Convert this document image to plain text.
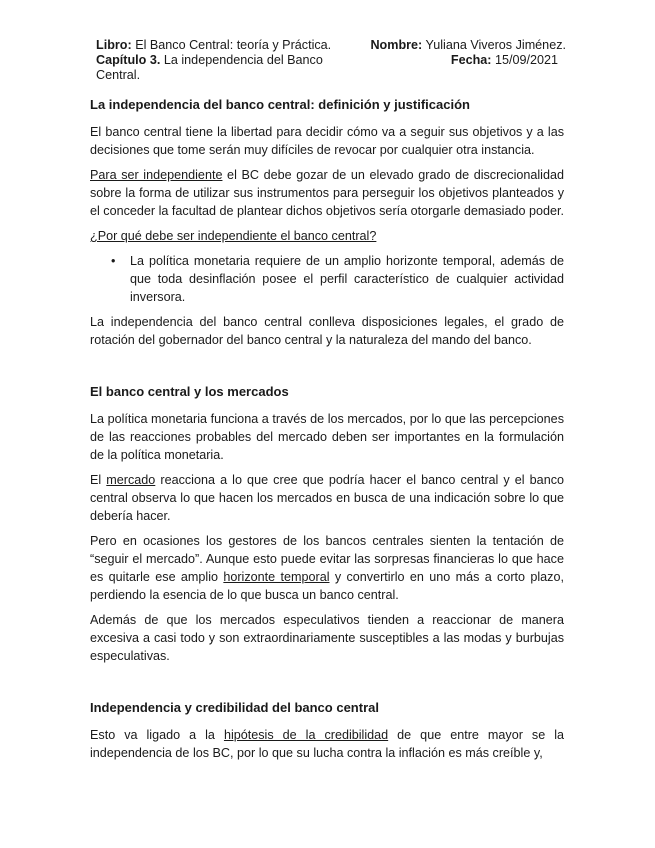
Libro: El Banco Central: teoría y Práctica.
Capítulo 3. La independencia del Banco Central.
Nombre: Yuliana Viveros Jiménez.
Fecha: 15/09/2021
La independencia del banco central: definición y justificación

El banco central tiene la libertad para decidir cómo va a seguir sus objetivos y a las decisiones que tome serán muy difíciles de revocar por cualquier otra instancia.

Para ser independiente el BC debe gozar de un elevado grado de discrecionalidad sobre la forma de utilizar sus instrumentos para perseguir los objetivos planteados y el conceder la facultad de plantear dichos objetivos sería otorgarle demasiado poder.

¿Por qué debe ser independiente el banco central?

• La política monetaria requiere de un amplio horizonte temporal, además de que toda desinflación posee el perfil característico de cualquier actividad inversora.

La independencia del banco central conlleva disposiciones legales, el grado de rotación del gobernador del banco central y la naturaleza del mando del banco.

El banco central y los mercados

La política monetaria funciona a través de los mercados, por lo que las percepciones de las reacciones probables del mercado deben ser importantes en la formulación de la política monetaria.

El mercado reacciona a lo que cree que podría hacer el banco central y el banco central observa lo que hacen los mercados en busca de una indicación sobre lo que debería hacer.

Pero en ocasiones los gestores de los bancos centrales sienten la tentación de “seguir el mercado”. Aunque esto puede evitar las sorpresas financieras lo que hace es quitarle ese amplio horizonte temporal y convertirlo en uno más a corto plazo, perdiendo la esencia de lo que busca un banco central.

Además de que los mercados especulativos tienden a reaccionar de manera excesiva a casi todo y son extraordinariamente susceptibles a las modas y burbujas especulativas.

Independencia y credibilidad del banco central

Esto va ligado a la hipótesis de la credibilidad de que entre mayor se la independencia de los BC, por lo que su lucha contra la inflación es más creíble y,
